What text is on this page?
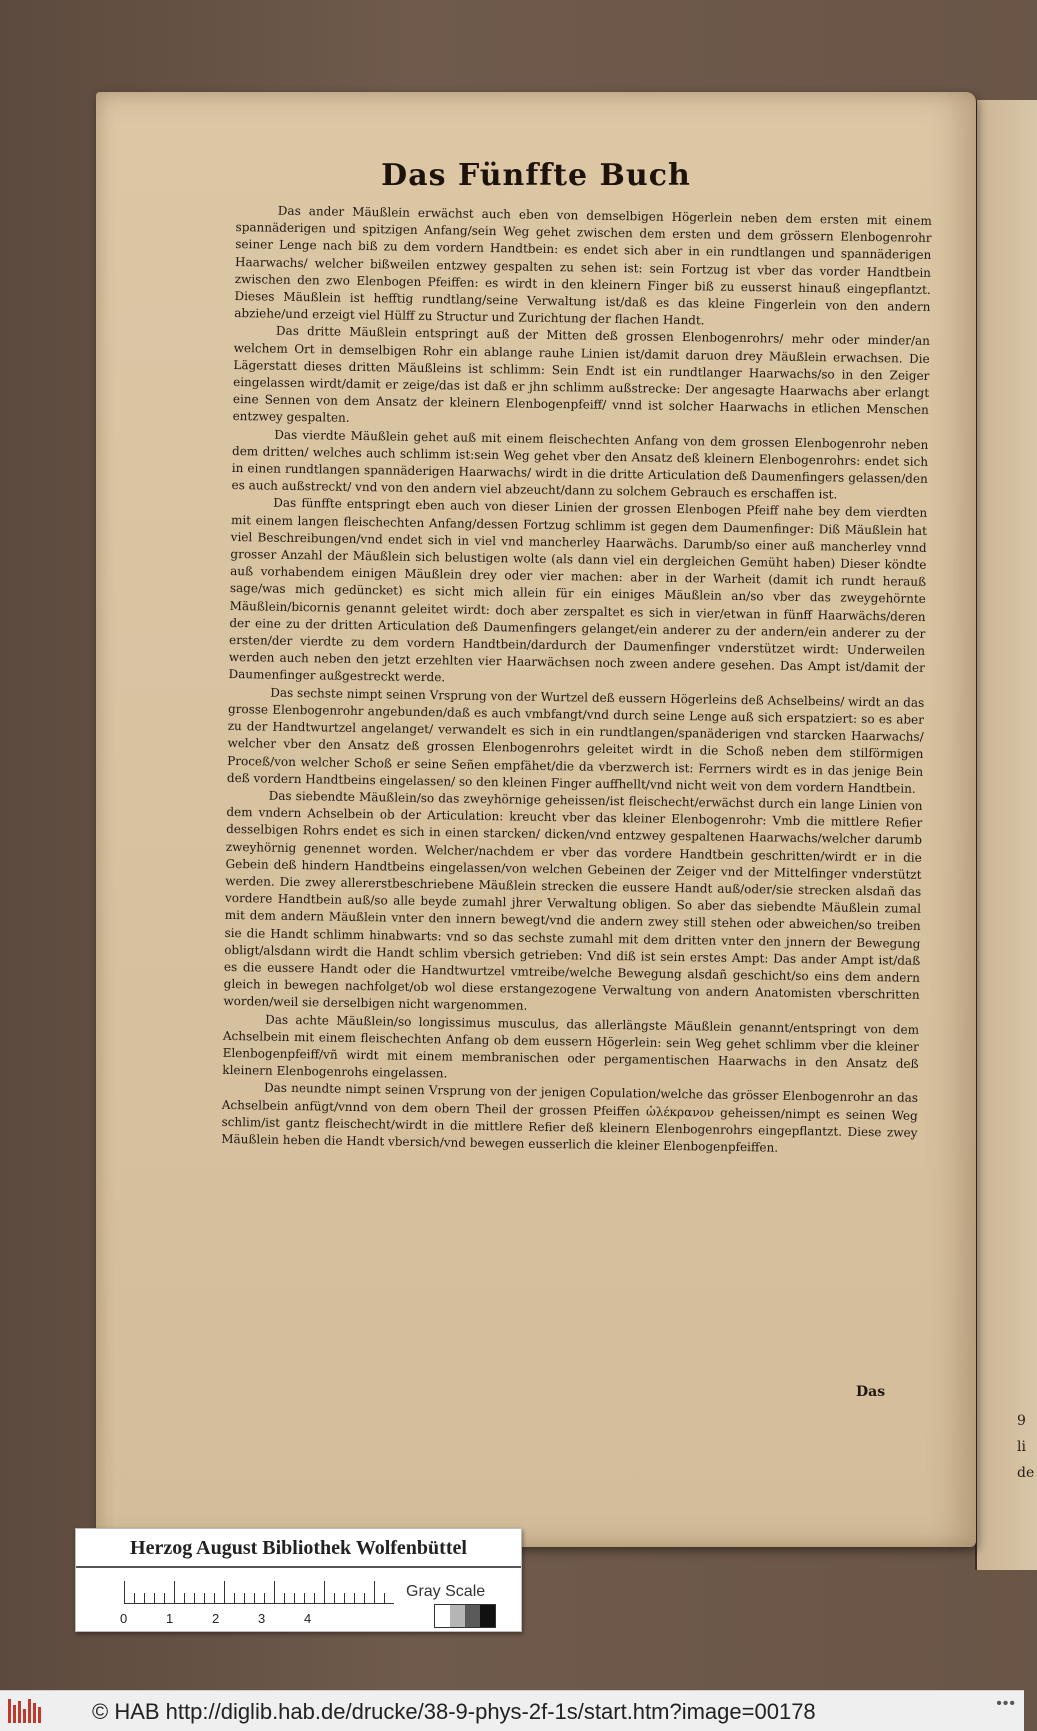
9
li
de
Das Fünffte Buch

Das ander Mäußlein erwächst auch eben von demselbigen Högerlein neben dem ersten mit einem spannäderigen und spitzigen Anfang/sein Weg gehet zwischen dem ersten und dem grössern Elenbogenrohr seiner Lenge nach biß zu dem vordern Handtbein: es endet sich aber in ein rundtlangen und spannäderigen Haarwachs/ welcher bißweilen entzwey gespalten zu sehen ist: sein Fortzug ist vber das vorder Handtbein zwischen den zwo Elenbogen Pfeiffen: es wirdt in den kleinern Finger biß zu eusserst hinauß eingepflantzt. Dieses Mäußlein ist hefftig rundtlang/seine Verwaltung ist/daß es das kleine Fingerlein von den andern abziehe/und erzeigt viel Hülff zu Structur und Zurichtung der flachen Handt.

Das dritte Mäußlein entspringt auß der Mitten deß grossen Elenbogenrohrs/ mehr oder minder/an welchem Ort in demselbigen Rohr ein ablange rauhe Linien ist/damit daruon drey Mäußlein erwachsen. Die Lägerstatt dieses dritten Mäußleins ist schlimm: Sein Endt ist ein rundtlanger Haarwachs/so in den Zeiger eingelassen wirdt/damit er zeige/das ist daß er jhn schlimm außstrecke: Der angesagte Haarwachs aber erlangt eine Sennen von dem Ansatz der kleinern Elenbogenpfeiff/ vnnd ist solcher Haarwachs in etlichen Menschen entzwey gespalten.

Das vierdte Mäußlein gehet auß mit einem fleischechten Anfang von dem grossen Elenbogenrohr neben dem dritten/ welches auch schlimm ist:sein Weg gehet vber den Ansatz deß kleinern Elenbogenrohrs: endet sich in einen rundtlangen spannäderigen Haarwachs/ wirdt in die dritte Articulation deß Daumenfingers gelassen/den es auch außstreckt/ vnd von den andern viel abzeucht/dann zu solchem Gebrauch es erschaffen ist.

Das fünffte entspringt eben auch von dieser Linien der grossen Elenbogen Pfeiff nahe bey dem vierdten mit einem langen fleischechten Anfang/dessen Fortzug schlimm ist gegen dem Daumenfinger: Diß Mäußlein hat viel Beschreibungen/vnd endet sich in viel vnd mancherley Haarwächs. Darumb/so einer auß mancherley vnnd grosser Anzahl der Mäußlein sich belustigen wolte (als dann viel ein dergleichen Gemüht haben) Dieser köndte auß vorhabendem einigen Mäußlein drey oder vier machen: aber in der Warheit (damit ich rundt herauß sage/was mich gedüncket) es sicht mich allein für ein einiges Mäußlein an/so vber das zweygehörnte Mäußlein/bicornis genannt geleitet wirdt: doch aber zerspaltet es sich in vier/etwan in fünff Haarwächs/deren der eine zu der dritten Articulation deß Daumenfingers gelanget/ein anderer zu der andern/ein anderer zu der ersten/der vierdte zu dem vordern Handtbein/dardurch der Daumenfinger vnderstützet wirdt: Underweilen werden auch neben den jetzt erzehlten vier Haarwächsen noch zween andere gesehen. Das Ampt ist/damit der Daumenfinger außgestreckt werde.

Das sechste nimpt seinen Vrsprung von der Wurtzel deß eussern Högerleins deß Achselbeins/ wirdt an das grosse Elenbogenrohr angebunden/daß es auch vmbfangt/vnd durch seine Lenge auß sich erspatziert: so es aber zu der Handtwurtzel angelanget/ verwandelt es sich in ein rundtlangen/spanäderigen vnd starcken Haarwachs/ welcher vber den Ansatz deß grossen Elenbogenrohrs geleitet wirdt in die Schoß neben dem stilförmigen Proceß/von welcher Schoß er seine Señen empfähet/die da vberzwerch ist: Ferrners wirdt es in das jenige Bein deß vordern Handtbeins eingelassen/ so den kleinen Finger auffhellt/vnd nicht weit von dem vordern Handtbein.

Das siebendte Mäußlein/so das zweyhörnige geheissen/ist fleischecht/erwächst durch ein lange Linien von dem vndern Achselbein ob der Articulation: kreucht vber das kleiner Elenbogenrohr: Vmb die mittlere Refier desselbigen Rohrs endet es sich in einen starcken/ dicken/vnd entzwey gespaltenen Haarwachs/welcher darumb zweyhörnig genennet worden. Welcher/nachdem er vber das vordere Handtbein geschritten/wirdt er in die Gebein deß hindern Handtbeins eingelassen/von welchen Gebeinen der Zeiger vnd der Mittelfinger vnderstützt werden. Die zwey allererstbeschriebene Mäußlein strecken die eussere Handt auß/oder/sie strecken alsdañ das vordere Handtbein auß/so alle beyde zumahl jhrer Verwaltung obligen. So aber das siebendte Mäußlein zumal mit dem andern Mäußlein vnter den innern bewegt/vnd die andern zwey still stehen oder abweichen/so treiben sie die Handt schlimm hinabwarts: vnd so das sechste zumahl mit dem dritten vnter den jnnern der Bewegung obligt/alsdann wirdt die Handt schlim vbersich getrieben: Vnd diß ist sein erstes Ampt: Das ander Ampt ist/daß es die eussere Handt oder die Handtwurtzel vmtreibe/welche Bewegung alsdañ geschicht/so eins dem andern gleich in bewegen nachfolget/ob wol diese erstangezogene Verwaltung von andern Anatomisten vberschritten worden/weil sie derselbigen nicht wargenommen.

Das achte Mäußlein/so longissimus musculus, das allerlängste Mäußlein genannt/entspringt von dem Achselbein mit einem fleischechten Anfang ob dem eussern Högerlein: sein Weg gehet schlimm vber die kleiner Elenbogenpfeiff/vñ wirdt mit einem membranischen oder pergamentischen Haarwachs in den Ansatz deß kleinern Elenbogenrohs eingelassen.

Das neundte nimpt seinen Vrsprung von der jenigen Copulation/welche das grösser Elenbogenrohr an das Achselbein anfügt/vnnd von dem obern Theil der grossen Pfeiffen ὠλέκρανον geheissen/nimpt es seinen Weg schlim/ist gantz fleischecht/wirdt in die mittlere Refier deß kleinern Elenbogenrohrs eingepflantzt. Diese zwey Mäußlein heben die Handt vbersich/vnd bewegen eusserlich die kleiner Elenbogenpfeiffen.

Das
Herzog August Bibliothek Wolfenbüttel
0	1	2	3	4
Gray Scale
© HAB http://diglib.hab.de/drucke/38-9-phys-2f-1s/start.htm?image=00178	•••
